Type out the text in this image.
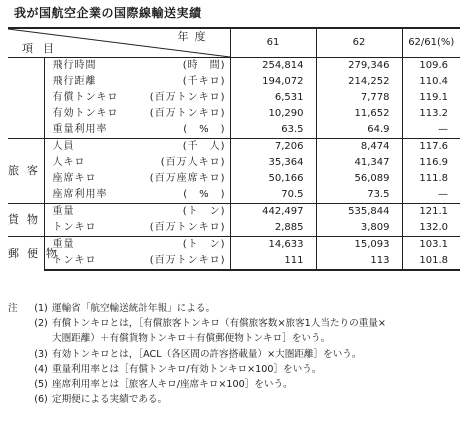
我が国航空企業の国際線輸送実績
年度
項目		61	62	62/61(%)

	飛行時間 (時　間)	254,814	279,346	109.6

	飛行距離 (千キロ)	194,072	214,252	110.4

	有償トンキロ (百万トンキロ)	6,531	7,778	119.1

	有効トンキロ (百万トンキロ)	10,290	11,652	113.2

	重量利用率 (　%　)	63.5	64.9	—
旅客	人員 (千　人)	7,206	8,474	117.6

	人キロ (百万人キロ)	35,364	41,347	116.9

	座席キロ (百万座席キロ)	50,166	56,089	111.8

	座席利用率 (　%　)	70.5	73.5	—
貨物	重量 (ト　ン)	442,497	535,844	121.1

	トンキロ (百万トンキロ)	2,885	3,809	132.0
郵便物	重量 (ト　ン)	14,633	15,093	103.1

	トンキロ (百万トンキロ)	111	113	101.8
注	(1) 運輸省「航空輸送統計年報」による。
(2) 有償トンキロとは，［有償旅客トンキロ（有償旅客数×旅客1人当たりの重量×
大圏距離）＋有償貨物トンキロ＋有償郵便物トンキロ］をいう。
(3) 有効トンキロとは，［ACL（各区間の許容搭載量）×大圏距離］をいう。
(4) 重量利用率とは［有償トンキロ/有効トンキロ×100］をいう。
(5) 座席利用率とは［旅客人キロ/座席キロ×100］をいう。
(6) 定期便による実績である。
